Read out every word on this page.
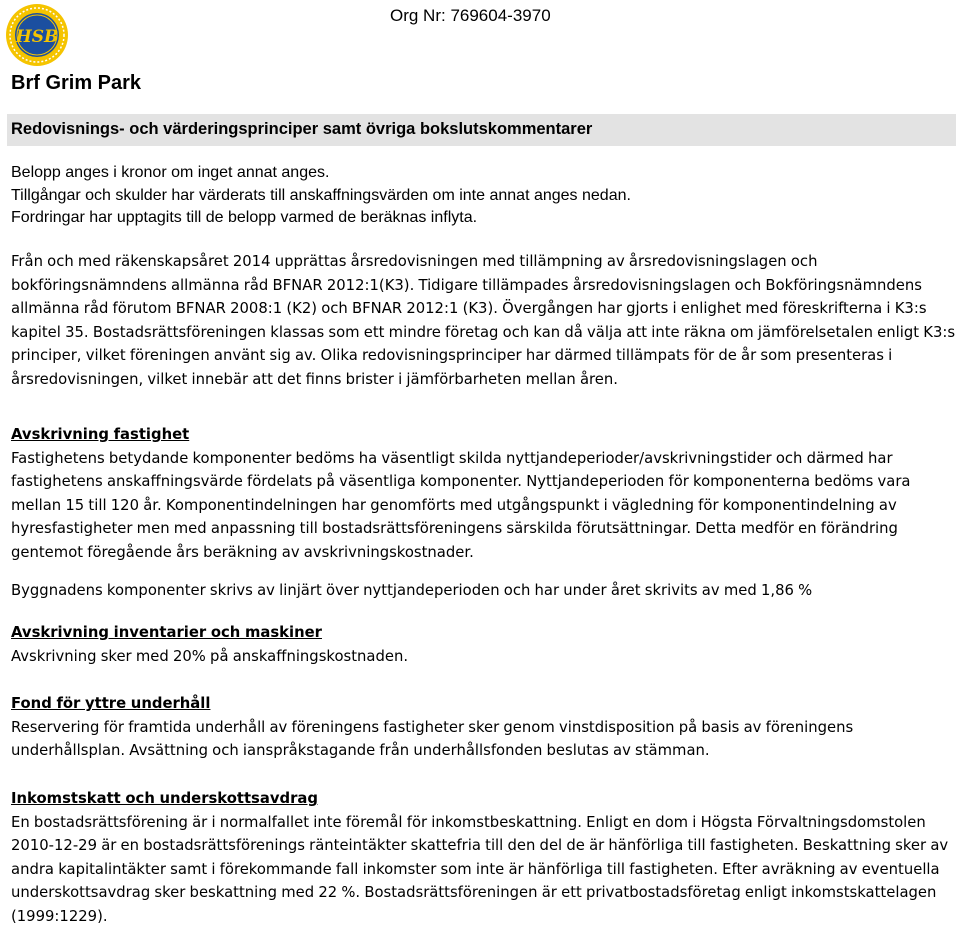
HSB
Org Nr: 769604-3970
Brf Grim Park
Redovisnings- och värderingsprinciper samt övriga bokslutskommentarer
Belopp anges i kronor om inget annat anges.
Tillgångar och skulder har värderats till anskaffningsvärden om inte annat anges nedan.
Fordringar har upptagits till de belopp varmed de beräknas inflyta.

Från och med räkenskapsåret 2014 upprättas årsredovisningen med tillämpning av årsredovisningslagen och bokföringsnämndens allmänna råd BFNAR 2012:1(K3). Tidigare tillämpades årsredovisningslagen och Bokföringsnämndens allmänna råd förutom BFNAR 2008:1 (K2) och BFNAR 2012:1 (K3). Övergången har gjorts i enlighet med föreskrifterna i K3:s kapitel 35. Bostadsrättsföreningen klassas som ett mindre företag och kan då välja att inte räkna om jämförelsetalen enligt K3:s principer, vilket föreningen använt sig av. Olika redovisningsprinciper har därmed tillämpats för de år som presenteras i årsredovisningen, vilket innebär att det finns brister i jämförbarheten mellan åren.

Avskrivning fastighet

Fastighetens betydande komponenter bedöms ha väsentligt skilda nyttjandeperioder/avskrivningstider och därmed har fastighetens anskaffningsvärde fördelats på väsentliga komponenter. Nyttjandeperioden för komponenterna bedöms vara mellan 15 till 120 år. Komponentindelningen har genomförts med utgångspunkt i vägledning för komponentindelning av hyresfastigheter men med anpassning till bostadsrättsföreningens särskilda förutsättningar. Detta medför en förändring gentemot föregående års beräkning av avskrivningskostnader.

Byggnadens komponenter skrivs av linjärt över nyttjandeperioden och har under året skrivits av med 1,86 %

Avskrivning inventarier och maskiner

Avskrivning sker med 20% på anskaffningskostnaden.

Fond för yttre underhåll

Reservering för framtida underhåll av föreningens fastigheter sker genom vinstdisposition på basis av föreningens underhållsplan. Avsättning och ianspråkstagande från underhållsfonden beslutas av stämman.

Inkomstskatt och underskottsavdrag

En bostadsrättsförening är i normalfallet inte föremål för inkomstbeskattning. Enligt en dom i Högsta Förvaltningsdomstolen 2010-12-29 är en bostadsrättsförenings ränteintäkter skattefria till den del de är hänförliga till fastigheten. Beskattning sker av andra kapitalintäkter samt i förekommande fall inkomster som inte är hänförliga till fastigheten. Efter avräkning av eventuella underskottsavdrag sker beskattning med 22 %. Bostadsrättsföreningen är ett privatbostadsföretag enligt inkomstskattelagen (1999:1229).
